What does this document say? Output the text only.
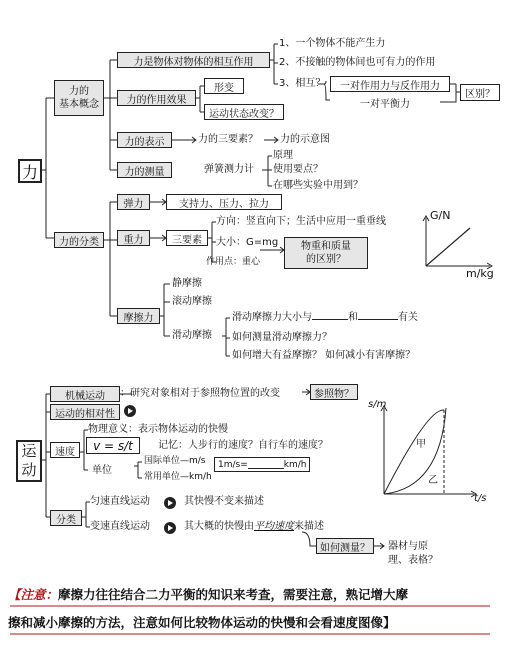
力
力的
基本概念
力是物体对物体的相互作用
1、一个物体不能产生力
2、不接触的物体间也可有力的作用
3、相互？	一对作用力与反作用力
一对平衡力
区别？
力的作用效果
形变
运动状态改变？
力的表示	力的三要素？ 力的示意图
力的测量	弹簧测力计
原理
使用要点？
在哪些实验中用到？
力的分类
弹力	支持力、压力、拉力
重力	三要素
方向：竖直向下；生活中应用一重垂线
大小：G=mg
作用点：重心
物重和质量
的区别？
G/N
m/kg
摩擦力
静摩擦
滚动摩擦
滑动摩擦
滑动摩擦力大小与	和	有关
如何测量滑动摩擦力？
如何增大有益摩擦？ 如何减小有害摩擦？
运
动
机械运动	：研究对象相对于参照物位置的改变	参照物？
运动的相对性
速度
物理意义：表示物体运动的快慢
v = s/t	记忆：人步行的速度？自行车的速度？
单位
国际单位—m/s
常用单位—km/h
1m/s=	km/h
s/m
t/s
甲
乙
分类
匀速直线运动	其快慢不变来描述
变速直线运动	其大概的快慢由平均速度来描述
如何测量？	器材与原
理、表格？
【注意：摩擦力往往结合二力平衡的知识来考查，需要注意，熟记增大摩
擦和减小摩擦的方法，注意如何比较物体运动的快慢和会看速度图像】
